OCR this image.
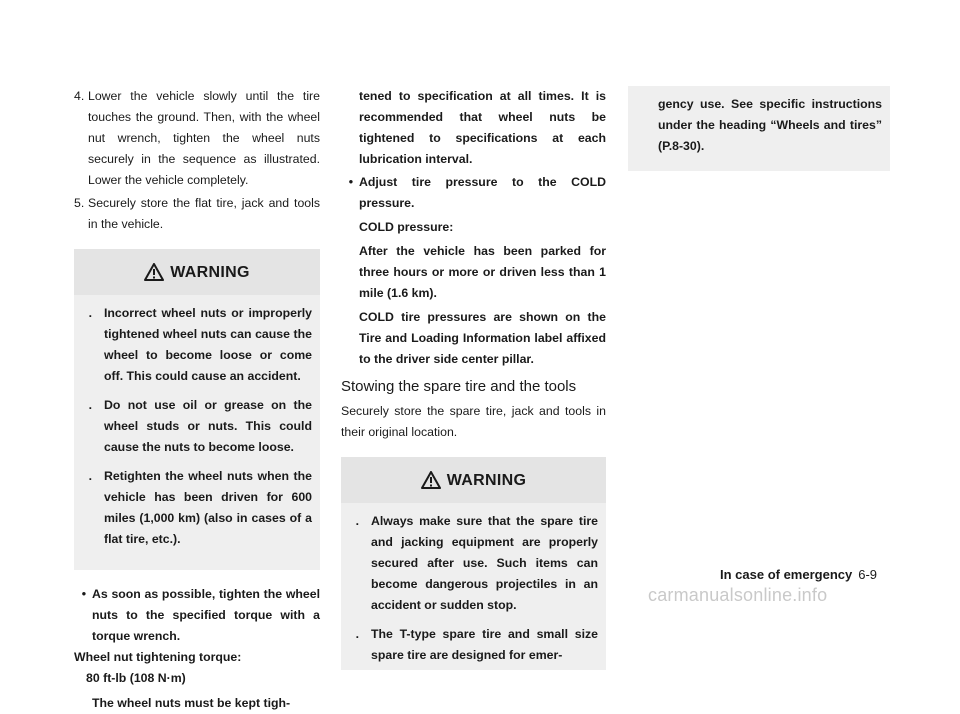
4. Lower the vehicle slowly until the tire touches the ground. Then, with the wheel nut wrench, tighten the wheel nuts securely in the sequence as illustrated. Lower the vehicle completely.
5. Securely store the flat tire, jack and tools in the vehicle.
WARNING
. Incorrect wheel nuts or improperly tightened wheel nuts can cause the wheel to become loose or come off. This could cause an accident.
. Do not use oil or grease on the wheel studs or nuts. This could cause the nuts to become loose.
. Retighten the wheel nuts when the vehicle has been driven for 600 miles (1,000 km) (also in cases of a flat tire, etc.).
• As soon as possible, tighten the wheel nuts to the specified torque with a torque wrench.

Wheel nut tightening torque:

80 ft-lb (108 N·m)

The wheel nuts must be kept tigh-

tened to specification at all times. It is recommended that wheel nuts be tightened to specifications at each lubrication interval.

• Adjust tire pressure to the COLD pressure.

COLD pressure:

After the vehicle has been parked for three hours or more or driven less than 1 mile (1.6 km).

COLD tire pressures are shown on the Tire and Loading Information label affixed to the driver side center pillar.

Stowing the spare tire and the tools

Securely store the spare tire, jack and tools in their original location.

WARNING
. Always make sure that the spare tire and jacking equipment are properly secured after use. Such items can become dangerous projectiles in an accident or sudden stop.
. The T-type spare tire and small size spare tire are designed for emer-

gency use. See specific instructions under the heading “Wheels and tires” (P.8-30).

In case of emergency 6-9
carmanualsonline.info
